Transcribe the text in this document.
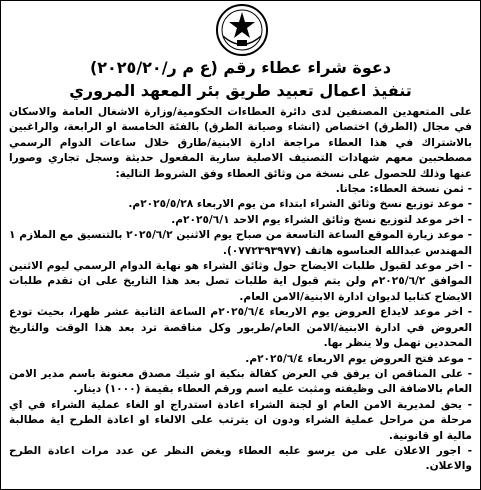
دعوة شراء عطاء رقم (ع م ر/٢٠٢٥/٢٠)
تنفيذ اعمال تعبيد طريق بئر المعهد المروري

على المتعهدين المصنفين لدى دائرة العطاءات الحكومية/وزارة الاشغال العامة والاسكان في مجال (الطرق) اختصاص (انشاء وصيانة الطرق) بالفئة الخامسة او الرابعة، والراغبين بالاشتراك في هذا العطاء مراجعة ادارة الابنية/طارق خلال ساعات الدوام الرسمي مصطحبين معهم شهادات التصنيف الاصلية سارية المفعول حديثة وسجل تجاري وصورا عنها وذلك للحصول على نسخة من وثائق العطاء وفق الشروط التالية:

- ثمن نسخة العطاء: مجانا.

- موعد توزيع نسخ وثائق الشراء ابتداء من يوم الاربعاء ٢٠٢٥/٥/٢٨م.

- اخر موعد لتوزيع نسخ وثائق الشراء يوم الاحد ٢٠٢٥/٦/١م.

- موعد زيارة الموقع الساعة التاسعة من صباح يوم الاثنين ٢٠٢٥/٦/٢ بالتنسيق مع الملازم ١ المهندس عبدالله العناسوه هاتف (٠٧٧٢٣٩٣٩٧٧).

- اخر موعد لقبول طلبات الايضاح حول وثائق الشراء هو نهاية الدوام الرسمي ليوم الاثنين الموافق ٢٠٢٥/٦/٢م ولن يتم قبول اية طلبات تصل بعد هذا التاريخ على ان تقدم طلبات الايضاح كتابيا لديوان ادارة الابنية/الامن العام.

- اخر موعد لايداع العروض يوم الاربعاء ٢٠٢٥/٦/٤م الساعة الثانية عشر ظهرا، بحيث تودع العروض في ادارة الابنية/الامن العام/طربور وكل مناقصة ترد بعد هذا الوقت والتاريخ المحددين تهمل ولا ينظر بها.

- موعد فتح العروض يوم الاربعاء ٢٠٢٥/٦/٤م.

- على المناقص ان يرفق في العرض كفالة بنكية او شيك مصدق معنونة باسم مدير الامن العام بالاضافة الى وظيفته ومثبت عليه اسم ورقم العطاء بقيمة (١٠٠٠) دينار.

- يحق لمديرية الامن العام او لجنة الشراء اعادة استدراج او الغاء عملية الشراء في اي مرحلة من مراحل عملية الشراء ودون ان يترتب على الالغاء او اعادة الطرح اية مطالبة مالية او قانونية.

- اجور الاعلان على من يرسو عليه العطاء وبغض النظر عن عدد مرات اعادة الطرح والاعلان.
